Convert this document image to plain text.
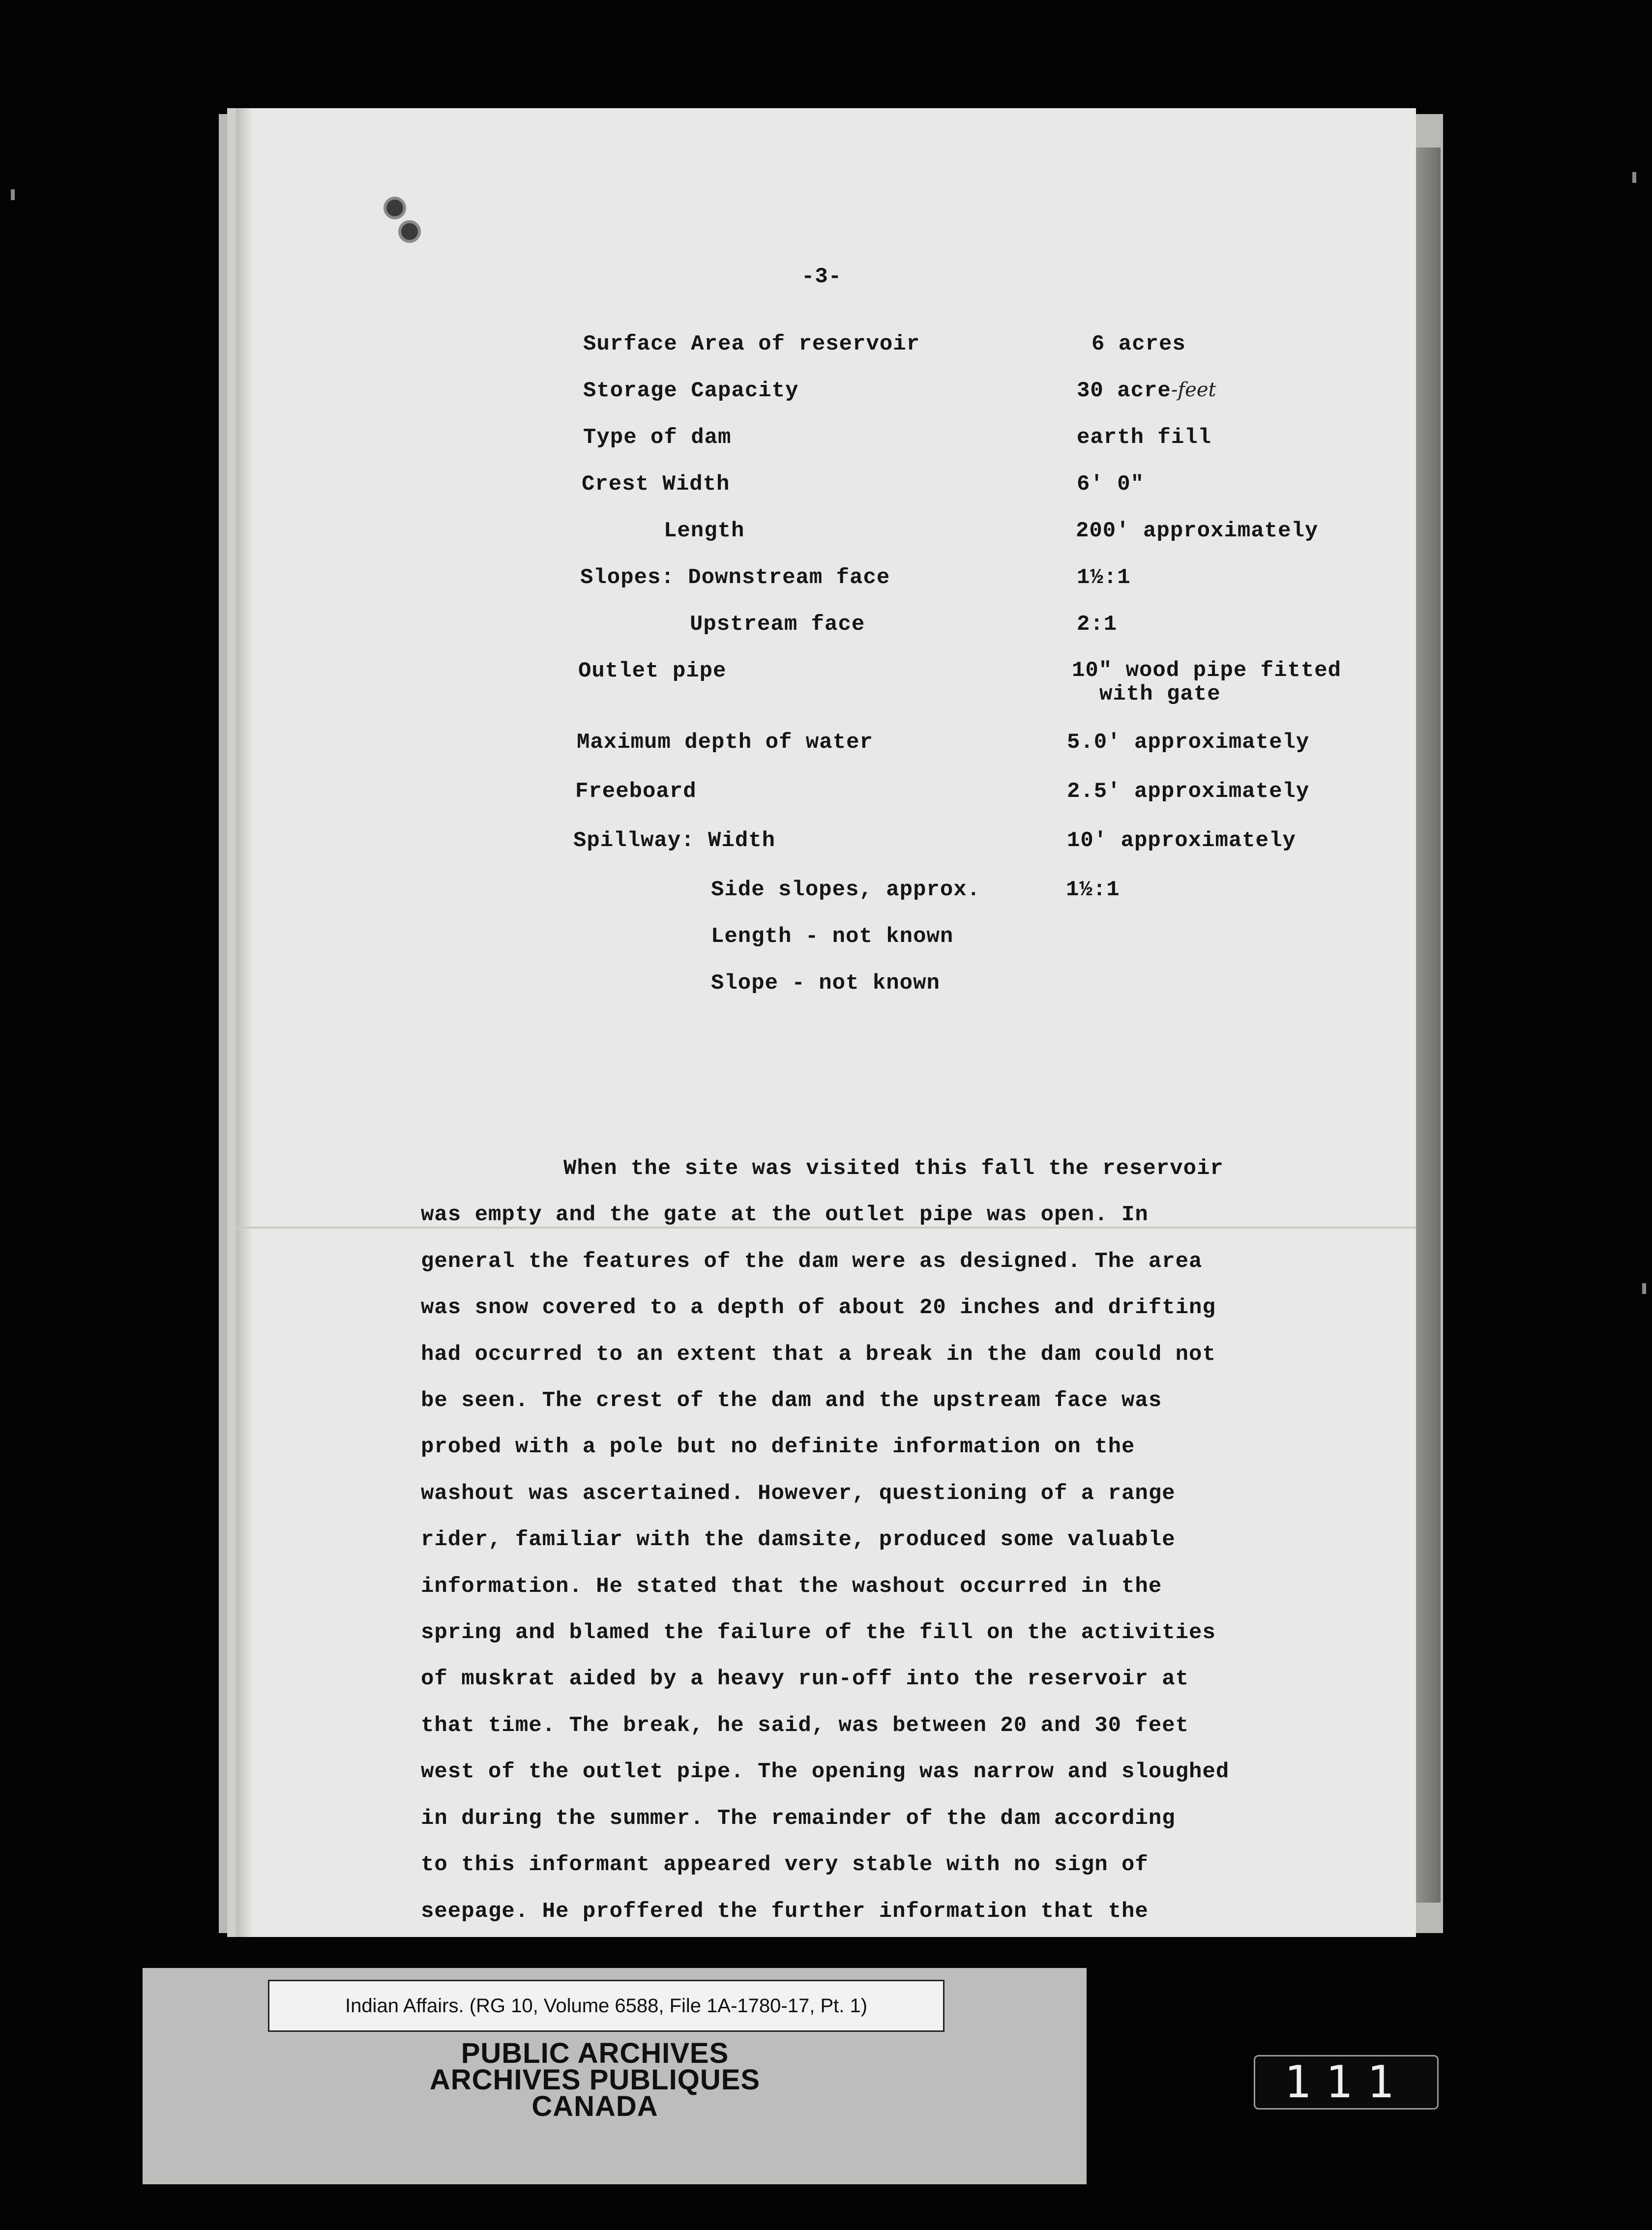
-3-
Surface Area of reservoir	6 acres
Storage Capacity	30 acre-feet
Type of dam	earth fill
Crest Width	6' 0"
Length	200' approximately
Slopes: Downstream face	1½:1
Upstream face	2:1
Outlet pipe	10" wood pipe fitted
with gate
Maximum depth of water	5.0' approximately
Freeboard	2.5' approximately
Spillway: Width	10' approximately
Side slopes, approx.	1½:1
Length - not known
Slope - not known
When the site was visited this fall the reservoir
was empty and the gate at the outlet pipe was open. In
general the features of the dam were as designed. The area
was snow covered to a depth of about 20 inches and drifting
had occurred to an extent that a break in the dam could not
be seen. The crest of the dam and the upstream face was
probed with a pole but no definite information on the
washout was ascertained. However, questioning of a range
rider, familiar with the damsite, produced some valuable
information. He stated that the washout occurred in the
spring and blamed the failure of the fill on the activities
of muskrat aided by a heavy run-off into the reservoir at
that time. The break, he said, was between 20 and 30 feet
west of the outlet pipe. The opening was narrow and sloughed
in during the summer. The remainder of the dam according
to this informant appeared very stable with no sign of
seepage. He proffered the further information that the
Indian Affairs. (RG 10, Volume 6588, File 1A-1780-17, Pt. 1)
PUBLIC ARCHIVES
ARCHIVES PUBLIQUES
CANADA	111
